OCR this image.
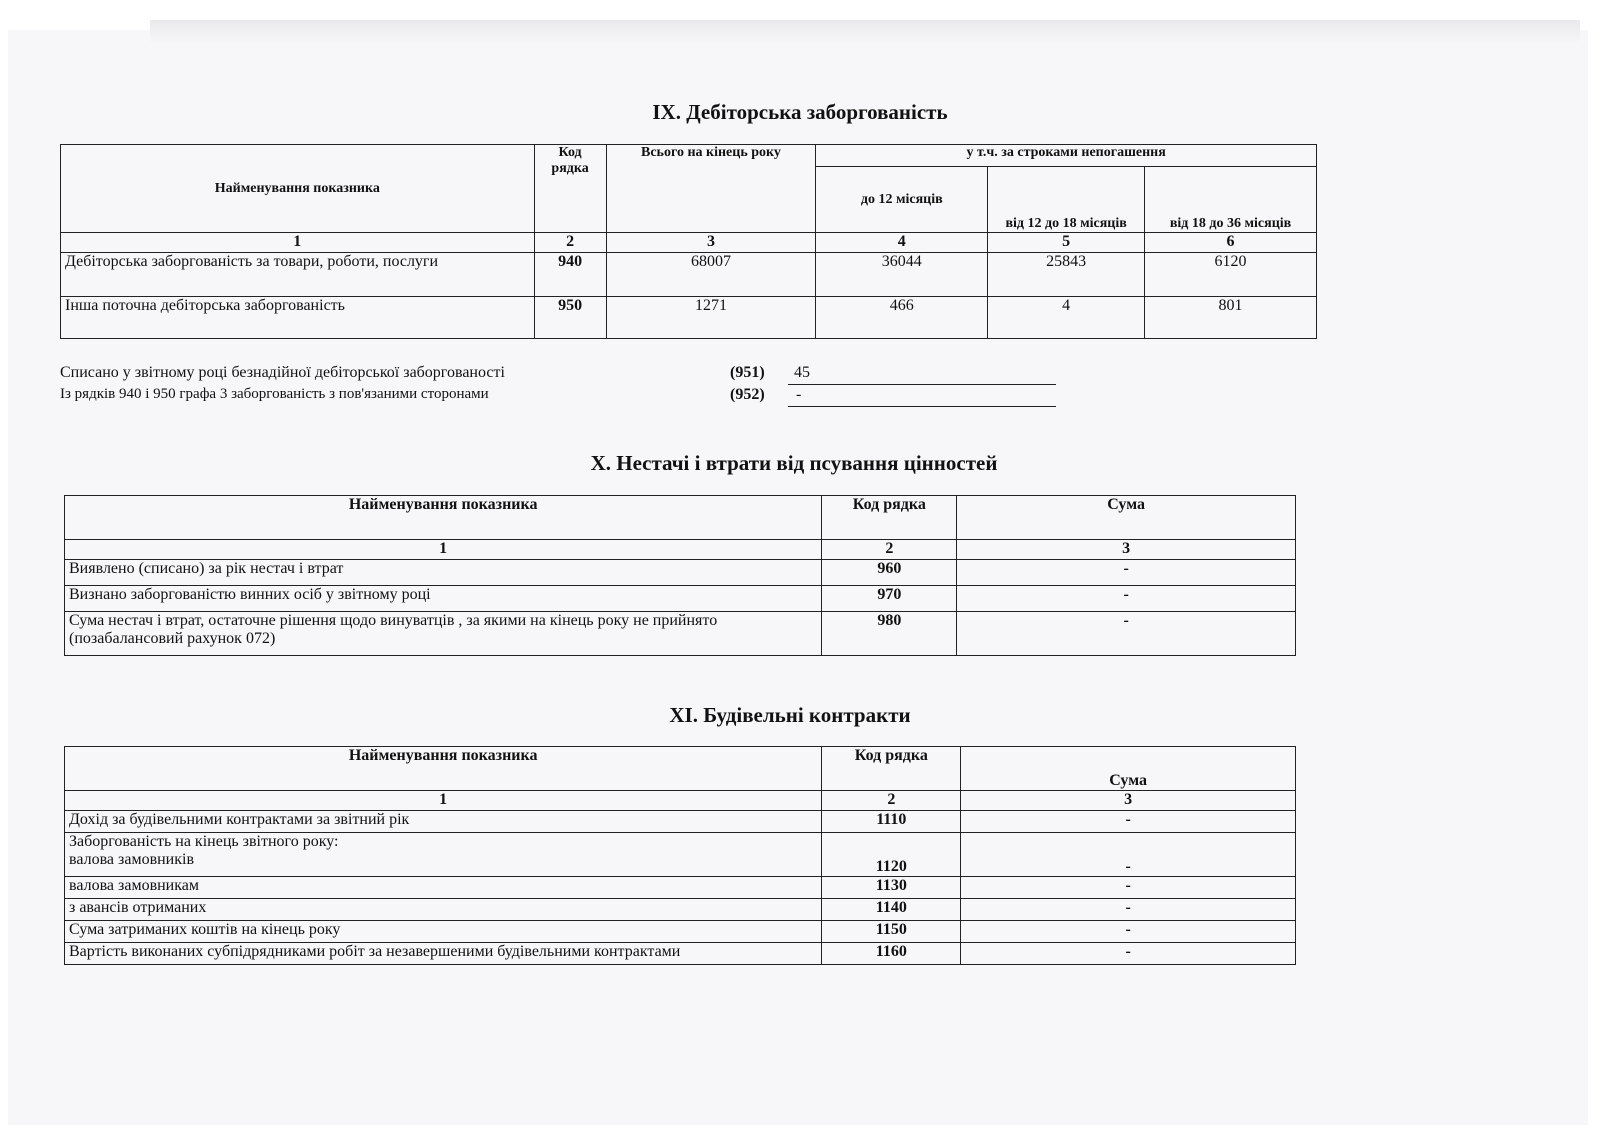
IX. Дебіторська заборгованість
Найменування показника	Код рядка	Всього на кінець року	у т.ч. за строками непогашення		
			до 12 місяців	від 12 до 18 місяців	від 18 до 36 місяців
1	2	3	4	5	6
Дебіторська заборгованість за товари, роботи, послуги	940	68007	36044	25843	6120
Інша поточна дебіторська заборгованість	950	1271	466	4	801
Списано у звітному році безнадійної дебіторської заборгованості	(951) 45
Із рядків 940 і 950 графа 3 заборгованість з пов'язаними сторонами	(952) -
X. Нестачі і втрати від псування цінностей
Найменування показника	Код рядка	Сума
1	2	3
Виявлено (списано) за рік нестач і втрат	960	-
Визнано заборгованістю винних осіб у звітному році	970	-
Сума нестач і втрат, остаточне рішення щодо винуватців , за якими на кінець року не прийнято (позабалансовий рахунок 072)	980	-
XI. Будівельні контракти
Найменування показника	Код рядка	Сума
1	2	3
Дохід за будівельними контрактами за звітний рік	1110	-

Заборгованість на кінець звітного року:
валова замовників	1120	-
валова замовникам	1130	-
з авансів отриманих	1140	-
Сума затриманих коштів на кінець року	1150	-
Вартість виконаних субпідрядниками робіт за незавершеними будівельними контрактами	1160	-
